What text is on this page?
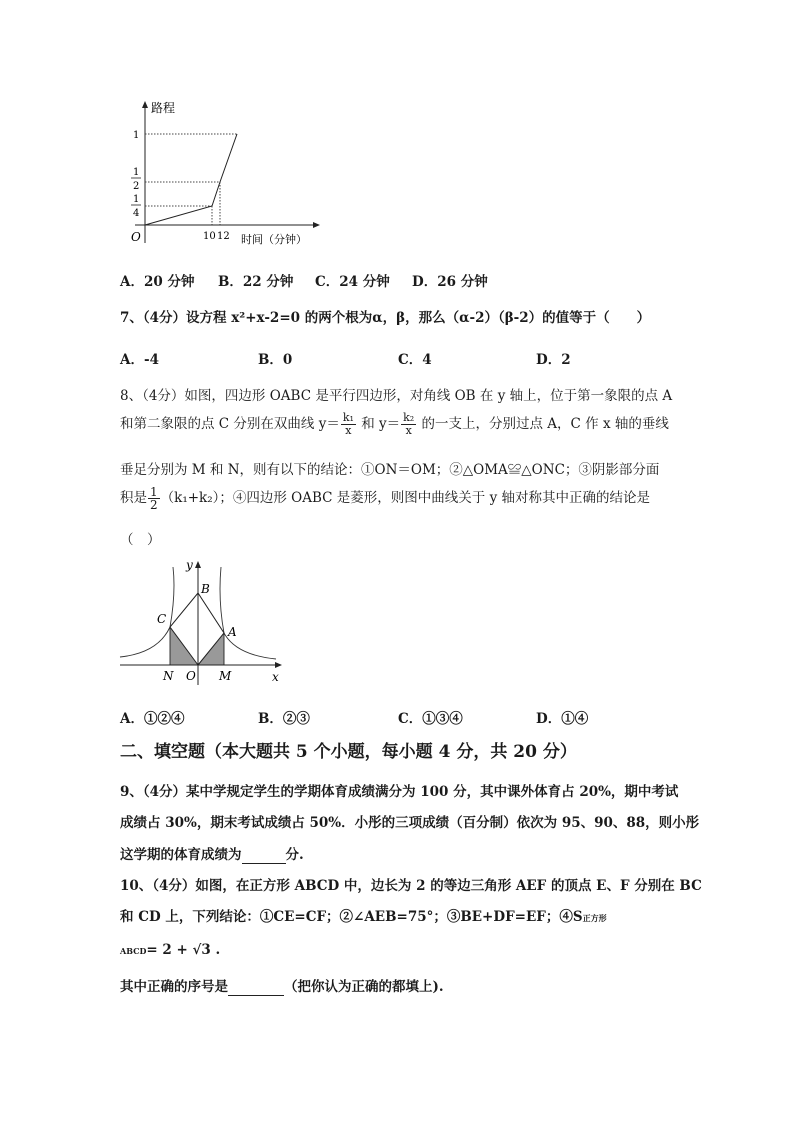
路程
1
1
2
1
4
O	10 12 时间（分钟）
A．20 分钟 B．22 分钟 C．24 分钟 D．26 分钟
7、（4分）设方程 x²+x-2=0 的两个根为α，β，那么（α-2）（β-2）的值等于（　　）
A．-4	B．0	C．4	D．2
8、（4分）如图，四边形 OABC 是平行四边形，对角线 OB 在 y 轴上，位于第一象限的点 A
和第二象限的点 C 分别在双曲线 $y= \frac{\text{k₁}}{x}$ 和 $y= \frac{\text{k₂}}{x}$ 的一支上，分别过点 A，C 作 x 轴的垂线
垂足分别为 M 和 N，则有以下的结论：①ON＝OM；②△OMA≌△ONC；③阴影部分面
积是 $\frac{1}{2} (k_1+k_2)$；④四边形 OABC 是菱形，则图中曲线关于 y 轴对称其中正确的结论是
（　）
y
B
C
A
N O M	x
A．①②④	B．②③	C．①③④	D．①④
二、填空题（本大题共 5 个小题，每小题 4 分，共 20 分）
9、（4分）某中学规定学生的学期体育成绩满分为 100 分，其中课外体育占 20%，期中考试
成绩占 30%，期末考试成绩占 50%．小彤的三项成绩（百分制）依次为 95、90、88，则小彤
这学期的体育成绩为	分.
10、（4分）如图，在正方形 ABCD 中，边长为 2 的等边三角形 AEF 的顶点 E、F 分别在 BC
和 CD 上，下列结论：①CE=CF；②∠AEB=75°；③BE+DF=EF；④S正方形
ABCD= 2 + √3 .
其中正确的序号是	（把你认为正确的都填上).
